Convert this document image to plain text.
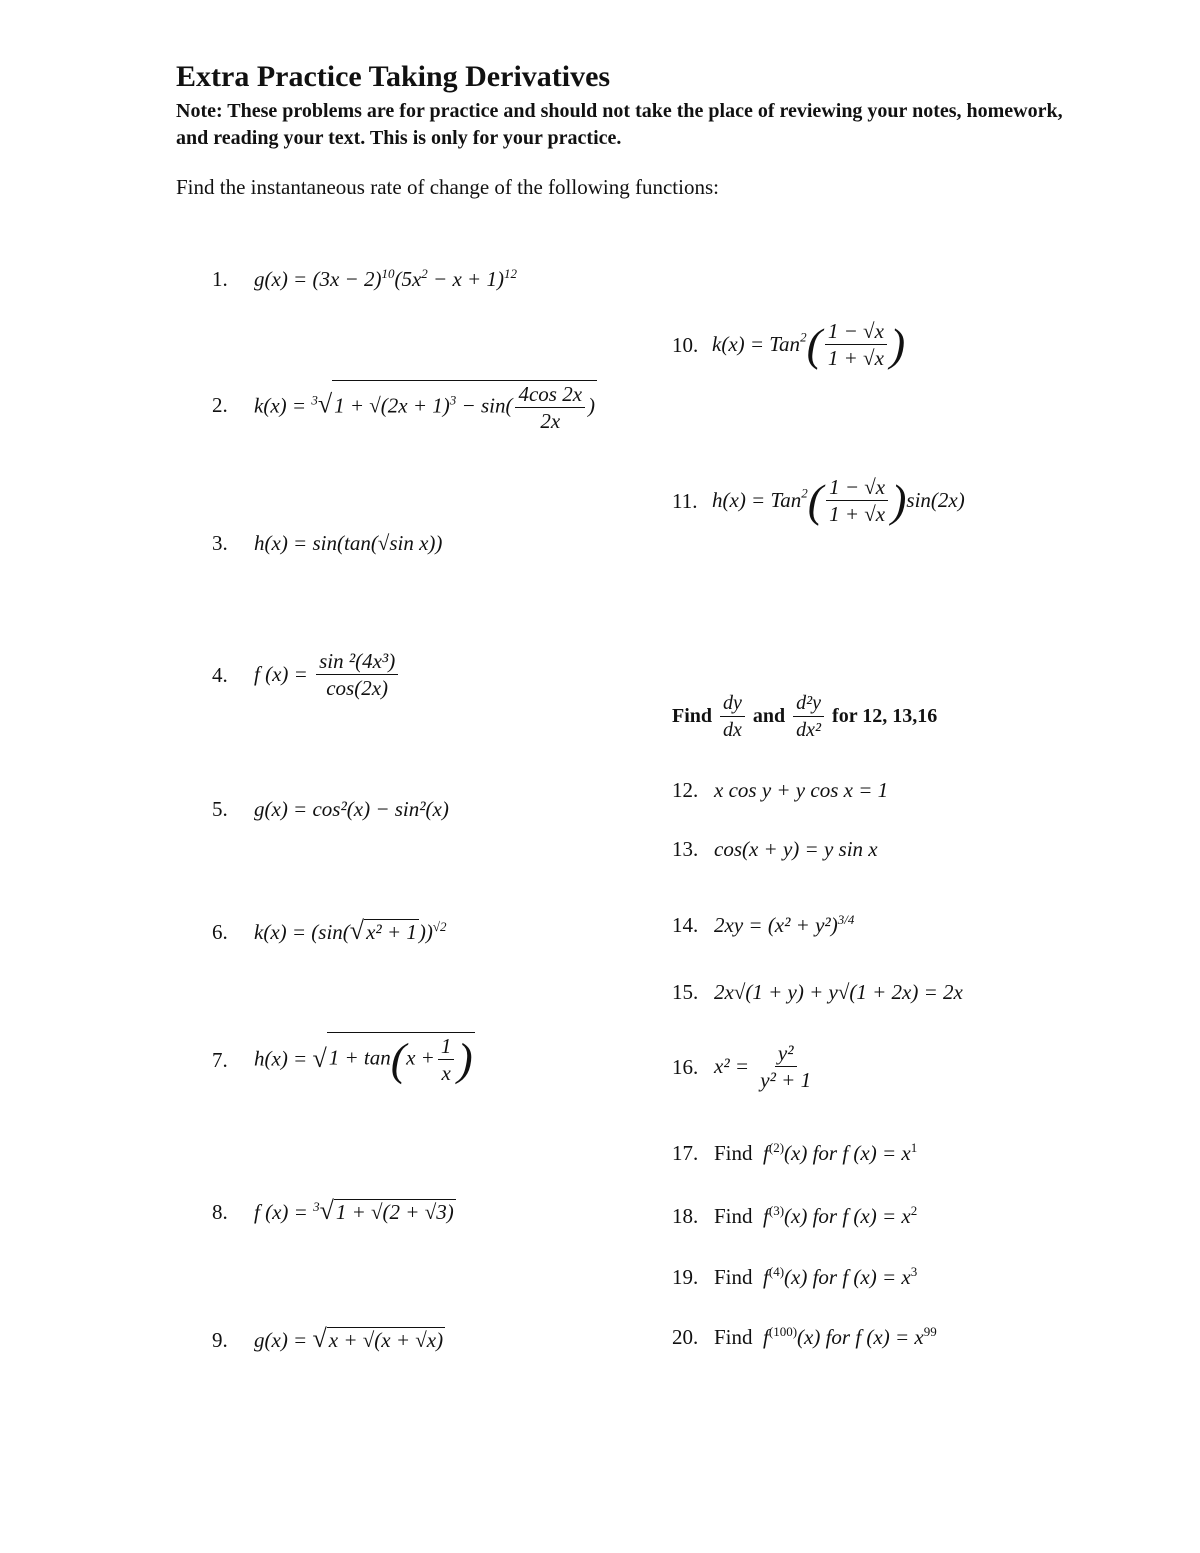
Extra Practice Taking Derivatives
Note: These problems are for practice and should not take the place of reviewing your notes, homework, and reading your text. This is only for your practice.
Find the instantaneous rate of change of the following functions:
1. $g(x) = (3x - 2)^{10}(5x^2 - x + 1)^{12}$
2. $k(x) = ^3√1 + √(2x + 1)^3 - \sin( \frac{4\cos 2x}{2x}$ )
3. h(x) = sin(tan(√sin x))
4. f $(x) = \frac{\text{sin ²(4x³)}}{\cos(2x)}$
5. g(x) = cos²(x) − sin²(x)
6. $k(x) = (\sin(√x^2 + 1))^{√2}$
7. $h(x) = √1 + \tan(x + \frac{1}{x}$ )
8. f (x) = $^3$√1 + √(2 + √3)
9. g(x) = √x + √(x + √x)
10. $k(x) = Tan^2( \frac{1 - √x}{1 + √x}$ )
11. $h(x) = Tan^2( \frac{1 - √x}{1 + √x} )\sin(2x)$
Find $\frac{dy}{dx}$ and $\frac{\text{d²y}}{\text{dx²}}$ for 12, 13,16
12. x cos y + y cos x = 1
13. cos(x + y) = y sin x
14. $2xy = (x^2 + y^2)^{3/4}$
15. 2x√(1 + y) + y√(1 + 2x) = 2x
16. $x^2 = \frac{\text{y²}}{\text{y² + 1}}$
17. Find $f^{(2)}(x)$ for f $(x) = x^1$
18. Find $f^{(3)}(x)$ for f $(x) = x^2$
19. Find $f^{(4)}(x)$ for f $(x) = x^3$
20. Find $f^{(100)}(x)$ for f $(x) = x^{99}$
